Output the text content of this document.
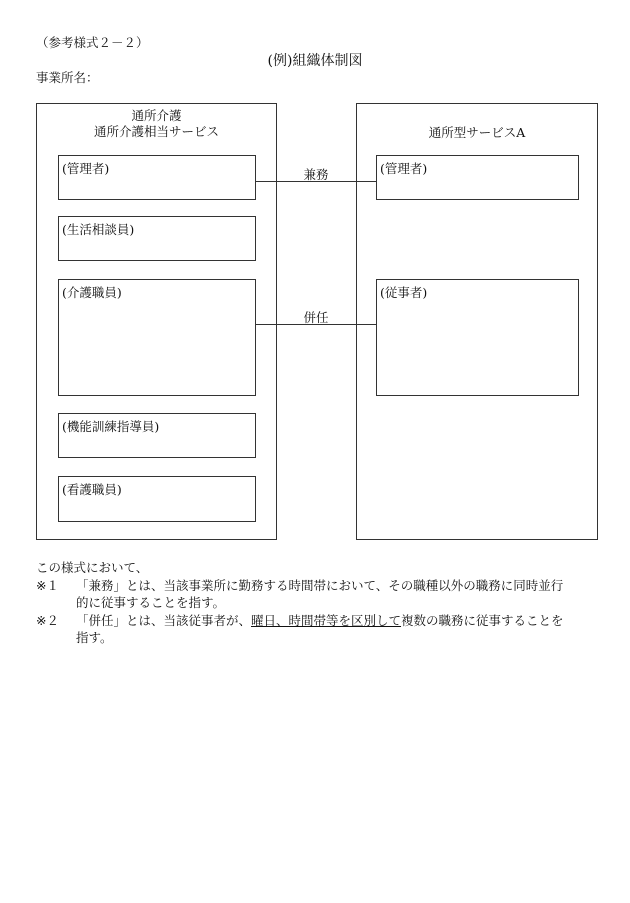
（参考様式２－２）
(例)組織体制図
事業所名：
通所介護
通所介護相当サービス
(管理者)
(生活相談員)
(介護職員)
(機能訓練指導員)
(看護職員)
通所型サービスA
(管理者)
(従事者)
兼務
併任
この様式において、
※１ 「兼務」とは、当該事業所に勤務する時間帯において、その職種以外の職務に同時並行
的に従事することを指す。
※２ 「併任」とは、当該従事者が、曜日、時間帯等を区別して複数の職務に従事することを
指す。
